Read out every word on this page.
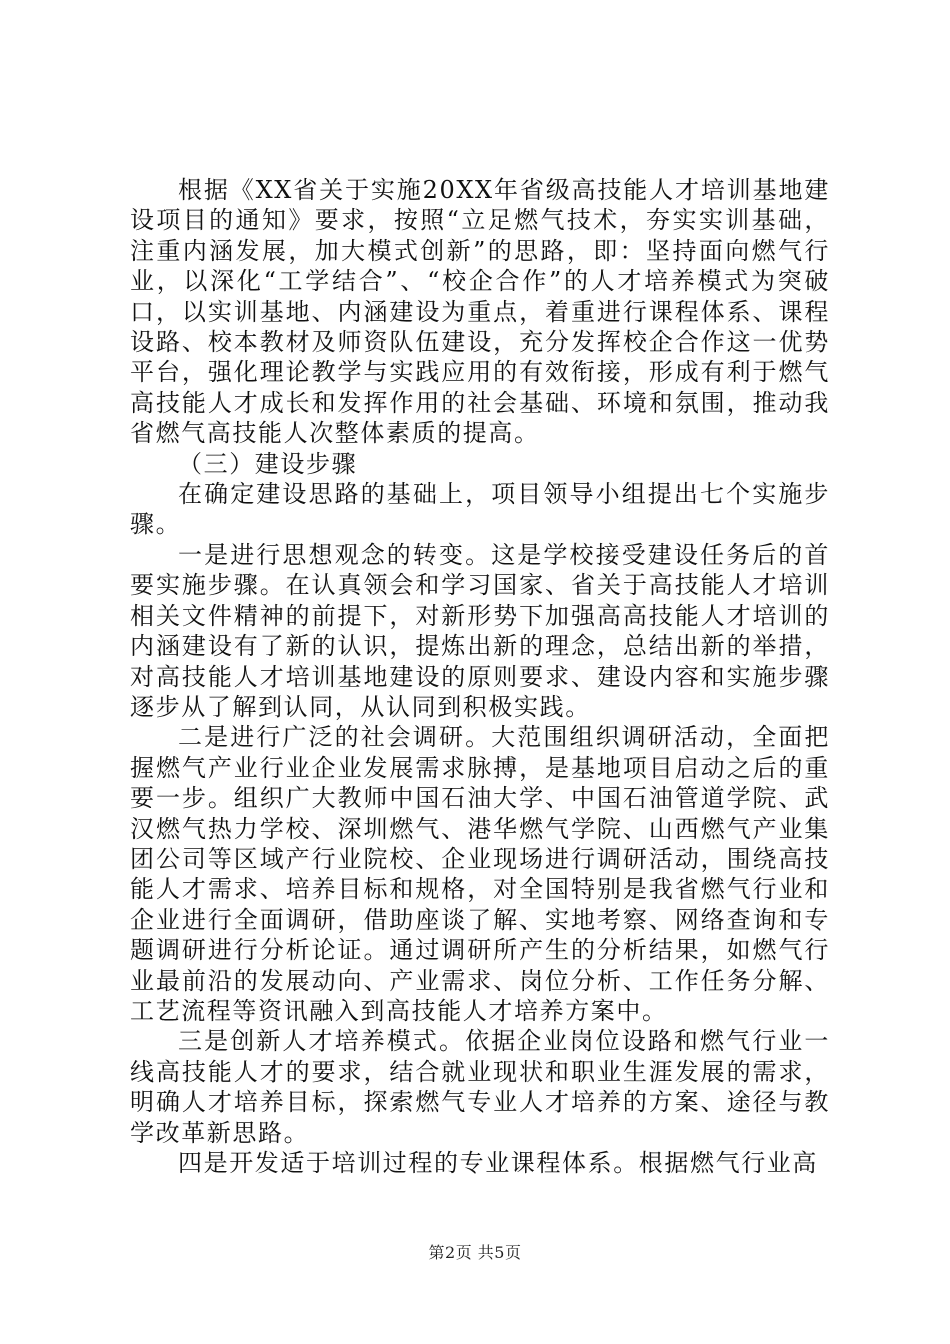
根据《XX省关于实施20XX年省级高技能人才培训基地建设项目的通知》要求，按照“立足燃气技术，夯实实训基础，注重内涵发展，加大模式创新”的思路，即：坚持面向燃气行业，以深化“工学结合”、“校企合作”的人才培养模式为突破口，以实训基地、内涵建设为重点，着重进行课程体系、课程设路、校本教材及师资队伍建设，充分发挥校企合作这一优势平台，强化理论教学与实践应用的有效衔接，形成有利于燃气高技能人才成长和发挥作用的社会基础、环境和氛围，推动我省燃气高技能人次整体素质的提高。

（三）建设步骤

在确定建设思路的基础上，项目领导小组提出七个实施步骤。

一是进行思想观念的转变。这是学校接受建设任务后的首要实施步骤。在认真领会和学习国家、省关于高技能人才培训相关文件精神的前提下，对新形势下加强高高技能人才培训的内涵建设有了新的认识，提炼出新的理念，总结出新的举措，对高技能人才培训基地建设的原则要求、建设内容和实施步骤逐步从了解到认同，从认同到积极实践。

二是进行广泛的社会调研。大范围组织调研活动，全面把握燃气产业行业企业发展需求脉搏，是基地项目启动之后的重要一步。组织广大教师中国石油大学、中国石油管道学院、武汉燃气热力学校、深圳燃气、港华燃气学院、山西燃气产业集团公司等区域产行业院校、企业现场进行调研活动，围绕高技能人才需求、培养目标和规格，对全国特别是我省燃气行业和企业进行全面调研，借助座谈了解、实地考察、网络查询和专题调研进行分析论证。通过调研所产生的分析结果，如燃气行业最前沿的发展动向、产业需求、岗位分析、工作任务分解、工艺流程等资讯融入到高技能人才培养方案中。

三是创新人才培养模式。依据企业岗位设路和燃气行业一线高技能人才的要求，结合就业现状和职业生涯发展的需求，明确人才培养目标，探索燃气专业人才培养的方案、途径与教学改革新思路。

四是开发适于培训过程的专业课程体系。根据燃气行业高

第2页 共5页
